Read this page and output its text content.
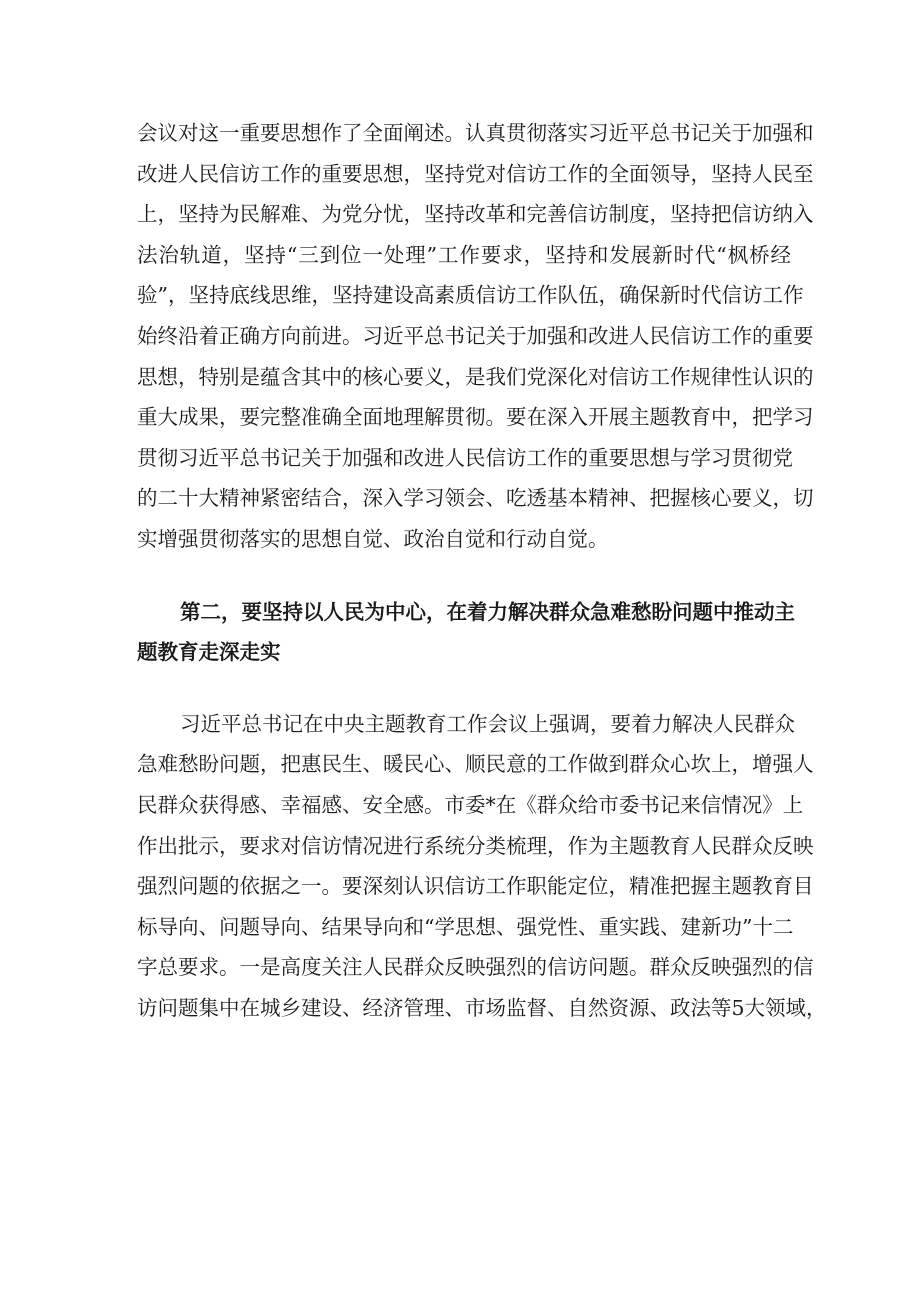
会议对这一重要思想作了全面阐述。认真贯彻落实习近平总书记关于加强和
改进人民信访工作的重要思想，坚持党对信访工作的全面领导，坚持人民至
上，坚持为民解难、为党分忧，坚持改革和完善信访制度，坚持把信访纳入
法治轨道，坚持“三到位一处理”工作要求，坚持和发展新时代“枫桥经
验”，坚持底线思维，坚持建设高素质信访工作队伍，确保新时代信访工作
始终沿着正确方向前进。习近平总书记关于加强和改进人民信访工作的重要
思想，特别是蕴含其中的核心要义，是我们党深化对信访工作规律性认识的
重大成果，要完整准确全面地理解贯彻。要在深入开展主题教育中，把学习
贯彻习近平总书记关于加强和改进人民信访工作的重要思想与学习贯彻党
的二十大精神紧密结合，深入学习领会、吃透基本精神、把握核心要义，切
实增强贯彻落实的思想自觉、政治自觉和行动自觉。
第二，要坚持以人民为中心，在着力解决群众急难愁盼问题中推动主
题教育走深走实
习近平总书记在中央主题教育工作会议上强调，要着力解决人民群众
急难愁盼问题，把惠民生、暖民心、顺民意的工作做到群众心坎上，增强人
民群众获得感、幸福感、安全感。市委*在《群众给市委书记来信情况》上
作出批示，要求对信访情况进行系统分类梳理，作为主题教育人民群众反映
强烈问题的依据之一。要深刻认识信访工作职能定位，精准把握主题教育目
标导向、问题导向、结果导向和“学思想、强党性、重实践、建新功”十二
字总要求。一是高度关注人民群众反映强烈的信访问题。群众反映强烈的信
访问题集中在城乡建设、经济管理、市场监督、自然资源、政法等5大领域，
